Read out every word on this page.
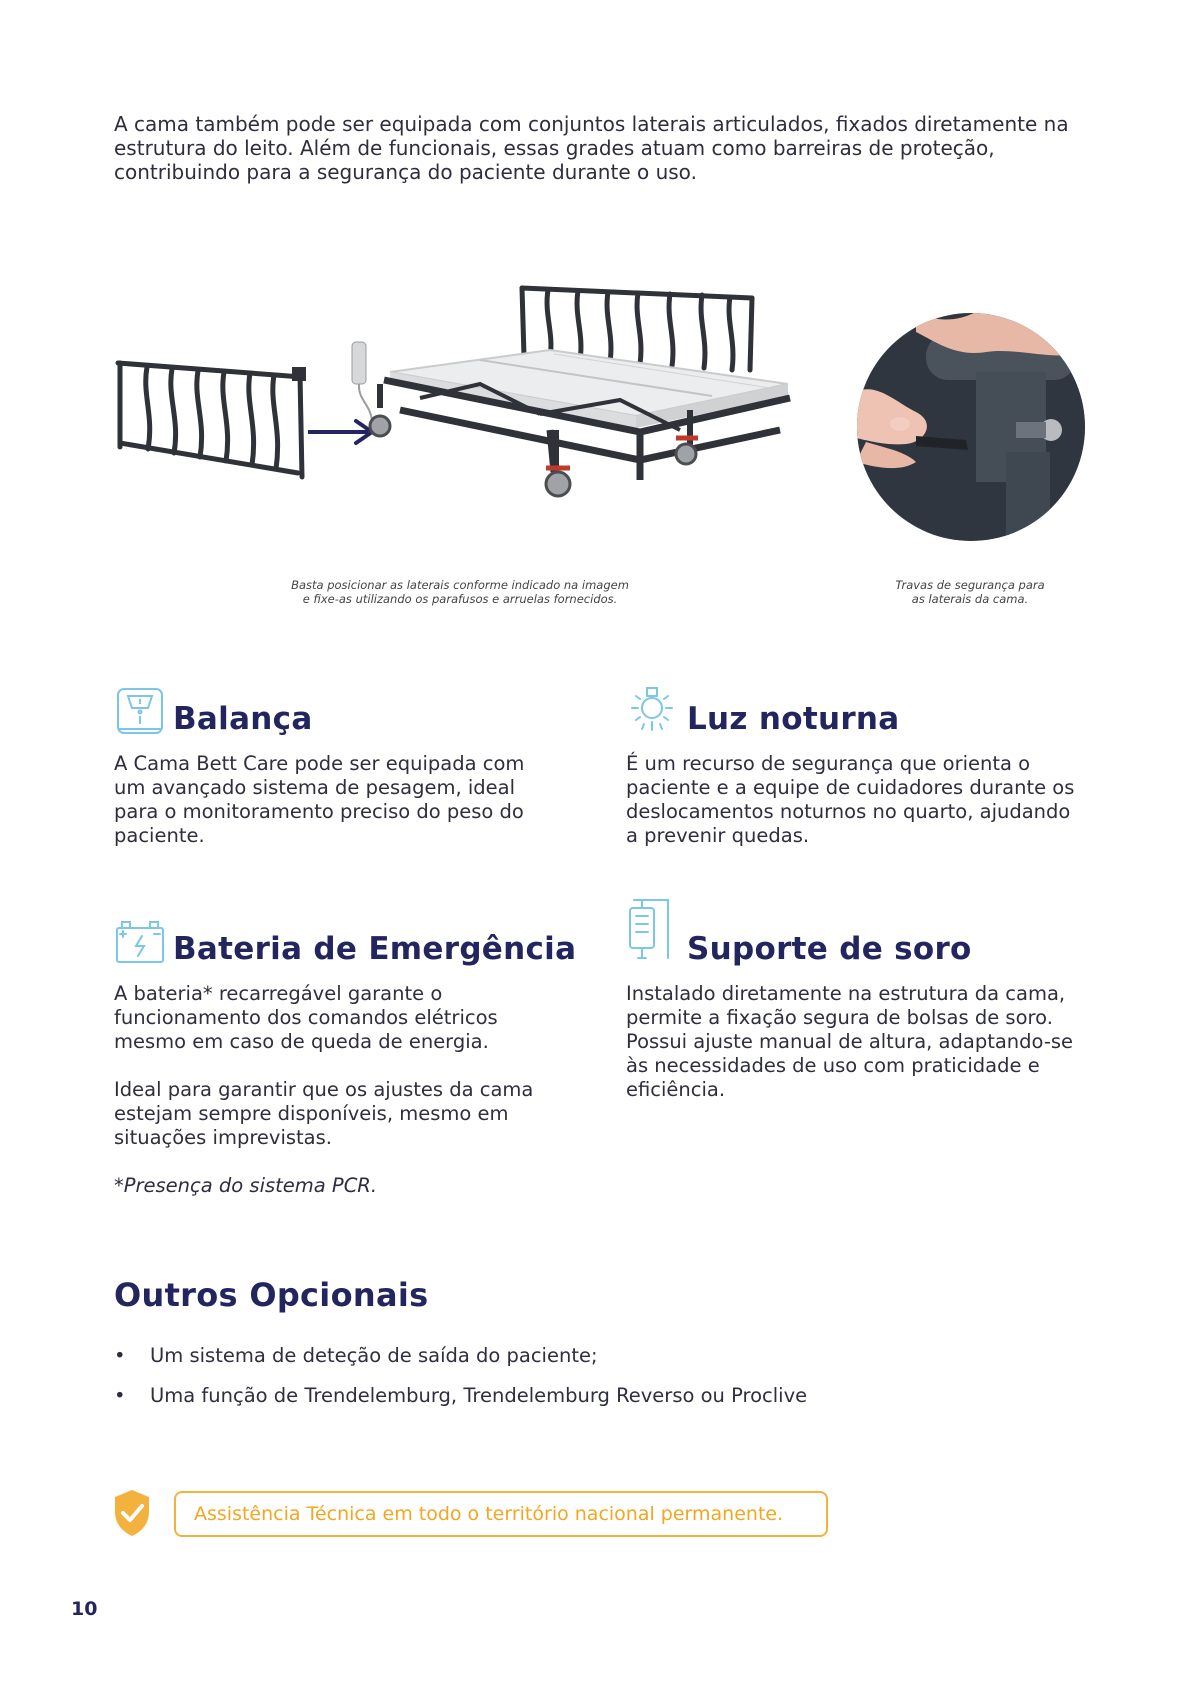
A cama também pode ser equipada com conjuntos laterais articulados, fixados diretamente na estrutura do leito. Além de funcionais, essas grades atuam como barreiras de proteção, contribuindo para a segurança do paciente durante o uso.

Basta posicionar as laterais conforme indicado na imagem

e fixe-as utilizando os parafusos e arruelas fornecidos.

Travas de segurança para

as laterais da cama.

Balança

A Cama Bett Care pode ser equipada com um avançado sistema de pesagem, ideal para o monitoramento preciso do peso do paciente.

Luz noturna

É um recurso de segurança que orienta o paciente e a equipe de cuidadores durante os deslocamentos noturnos no quarto, ajudando a prevenir quedas.

Bateria de Emergência

A bateria* recarregável garante o funcionamento dos comandos elétricos mesmo em caso de queda de energia.

Ideal para garantir que os ajustes da cama estejam sempre disponíveis, mesmo em situações imprevistas.

*Presença do sistema PCR.

Suporte de soro

Instalado diretamente na estrutura da cama, permite a fixação segura de bolsas de soro. Possui ajuste manual de altura, adaptando-se às necessidades de uso com praticidade e eficiência.

Outros Opcionais
• Um sistema de deteção de saída do paciente;
• Uma função de Trendelemburg, Trendelemburg Reverso ou Proclive
Assistência Técnica em todo o território nacional permanente.
10
